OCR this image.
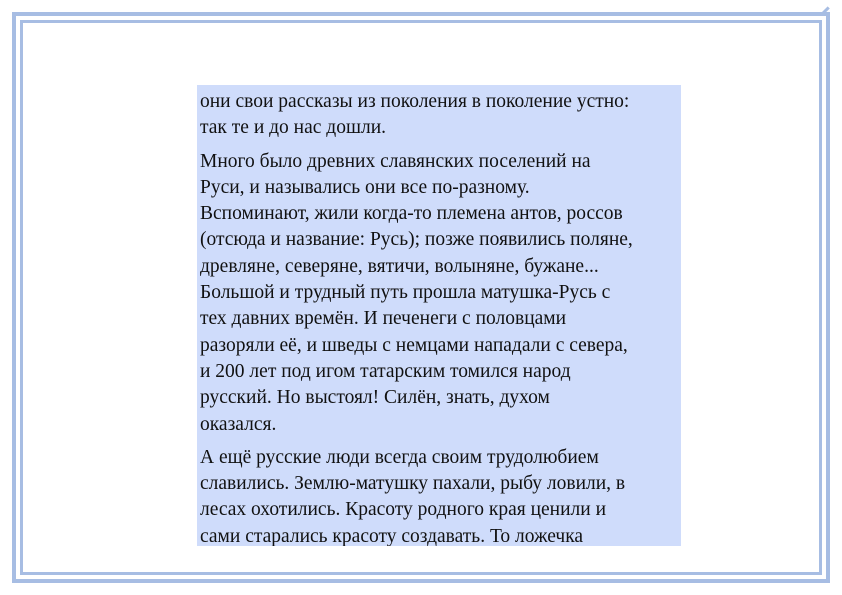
они свои рассказы из поколения в поколение устно:
так те и до нас дошли.

Много было древних славянских поселений на
Руси, и назывались они все по-разному.
Вспоминают, жили когда-то племена антов, россов
(отсюда и название: Русь); позже появились поляне,
древляне, северяне, вятичи, волыняне, бужане...
Большой и трудный путь прошла матушка-Русь с
тех давних времён. И печенеги с половцами
разоряли её, и шведы с немцами нападали с севера,
и 200 лет под игом татарским томился народ
русский. Но выстоял! Силён, знать, духом
оказался.

А ещё русские люди всегда своим трудолюбием
славились. Землю-матушку пахали, рыбу ловили, в
лесах охотились. Красоту родного края ценили и
сами старались красоту создавать. То ложечка
